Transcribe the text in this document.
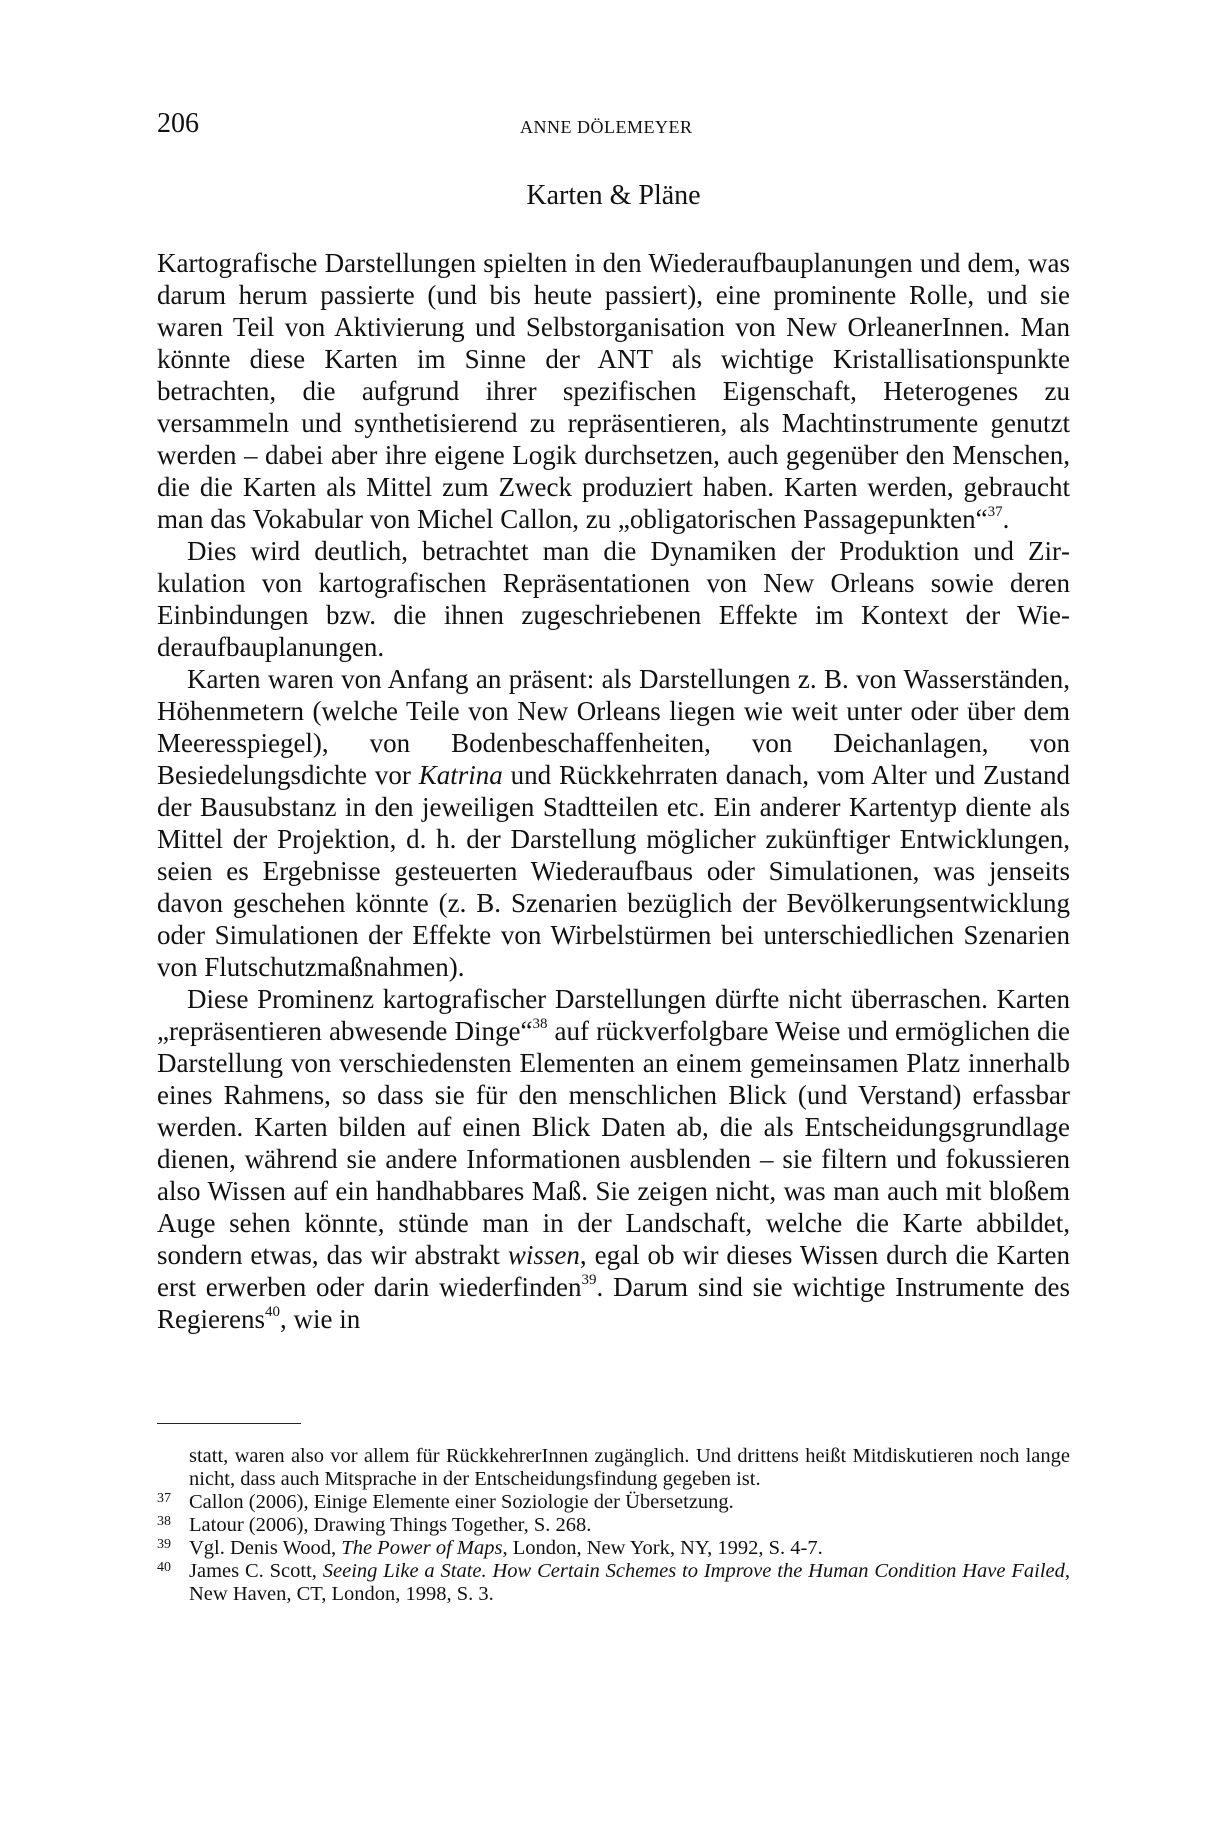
206	ANNE DÖLEMEYER
Karten & Pläne

Kartografische Darstellungen spielten in den Wiederaufbauplanungen und dem, was darum herum passierte (und bis heute passiert), eine prominente Rolle, und sie waren Teil von Aktivierung und Selbstorganisation von New OrleanerInnen. Man könnte diese Karten im Sinne der ANT als wichtige Kristallisationspunkte betrachten, die aufgrund ihrer spezifischen Eigenschaft, Heterogenes zu versammeln und synthetisierend zu repräsentieren, als Machtinstrumente genutzt werden – dabei aber ihre eigene Logik durchsetzen, auch gegenüber den Menschen, die die Karten als Mittel zum Zweck produziert haben. Karten werden, gebraucht man das Vokabular von Michel Callon, zu „obligatorischen Passagepunkten“$^{37}$.

Dies wird deutlich, betrachtet man die Dynamiken der Produktion und Zirkulation von kartografischen Repräsentationen von New Orleans sowie deren Einbindungen bzw. die ihnen zugeschriebenen Effekte im Kontext der Wiederaufbauplanungen.

Karten waren von Anfang an präsent: als Darstellungen z. B. von Wasserständen, Höhenmetern (welche Teile von New Orleans liegen wie weit unter oder über dem Meeresspiegel), von Bodenbeschaffenheiten, von Deichanlagen, von Besiedelungsdichte vor Katrina und Rückkehrraten danach, vom Alter und Zustand der Bausubstanz in den jeweiligen Stadtteilen etc. Ein anderer Kartentyp diente als Mittel der Projektion, d. h. der Darstellung möglicher zukünftiger Entwicklungen, seien es Ergebnisse gesteuerten Wiederaufbaus oder Simulationen, was jenseits davon geschehen könnte (z. B. Szenarien bezüglich der Bevölkerungsentwicklung oder Simulationen der Effekte von Wirbelstürmen bei unterschiedlichen Szenarien von Flutschutzmaßnahmen).

Diese Prominenz kartografischer Darstellungen dürfte nicht überraschen. Karten „repräsentieren abwesende Dinge“$^{38}$ auf rückverfolgbare Weise und ermöglichen die Darstellung von verschiedensten Elementen an einem gemeinsamen Platz innerhalb eines Rahmens, so dass sie für den menschlichen Blick (und Verstand) erfassbar werden. Karten bilden auf einen Blick Daten ab, die als Entscheidungsgrundlage dienen, während sie andere Informationen ausblenden – sie filtern und fokussieren also Wissen auf ein handhabbares Maß. Sie zeigen nicht, was man auch mit bloßem Auge sehen könnte, stünde man in der Landschaft, welche die Karte abbildet, sondern etwas, das wir abstrakt wissen, egal ob wir dieses Wissen durch die Karten erst erwerben oder darin wiederfinden$^{39}$. Darum sind sie wichtige Instrumente des Regierens$^{40}$, wie in

statt, waren also vor allem für RückkehrerInnen zugänglich. Und drittens heißt Mitdiskutieren noch lange nicht, dass auch Mitsprache in der Entscheidungsfindung gegeben ist.

37 Callon (2006), Einige Elemente einer Soziologie der Übersetzung.

38 Latour (2006), Drawing Things Together, S. 268.

39 Vgl. Denis Wood, The Power of Maps, London, New York, NY, 1992, S. 4-7.

40 James C. Scott, Seeing Like a State. How Certain Schemes to Improve the Human Condition Have Failed, New Haven, CT, London, 1998, S. 3.
